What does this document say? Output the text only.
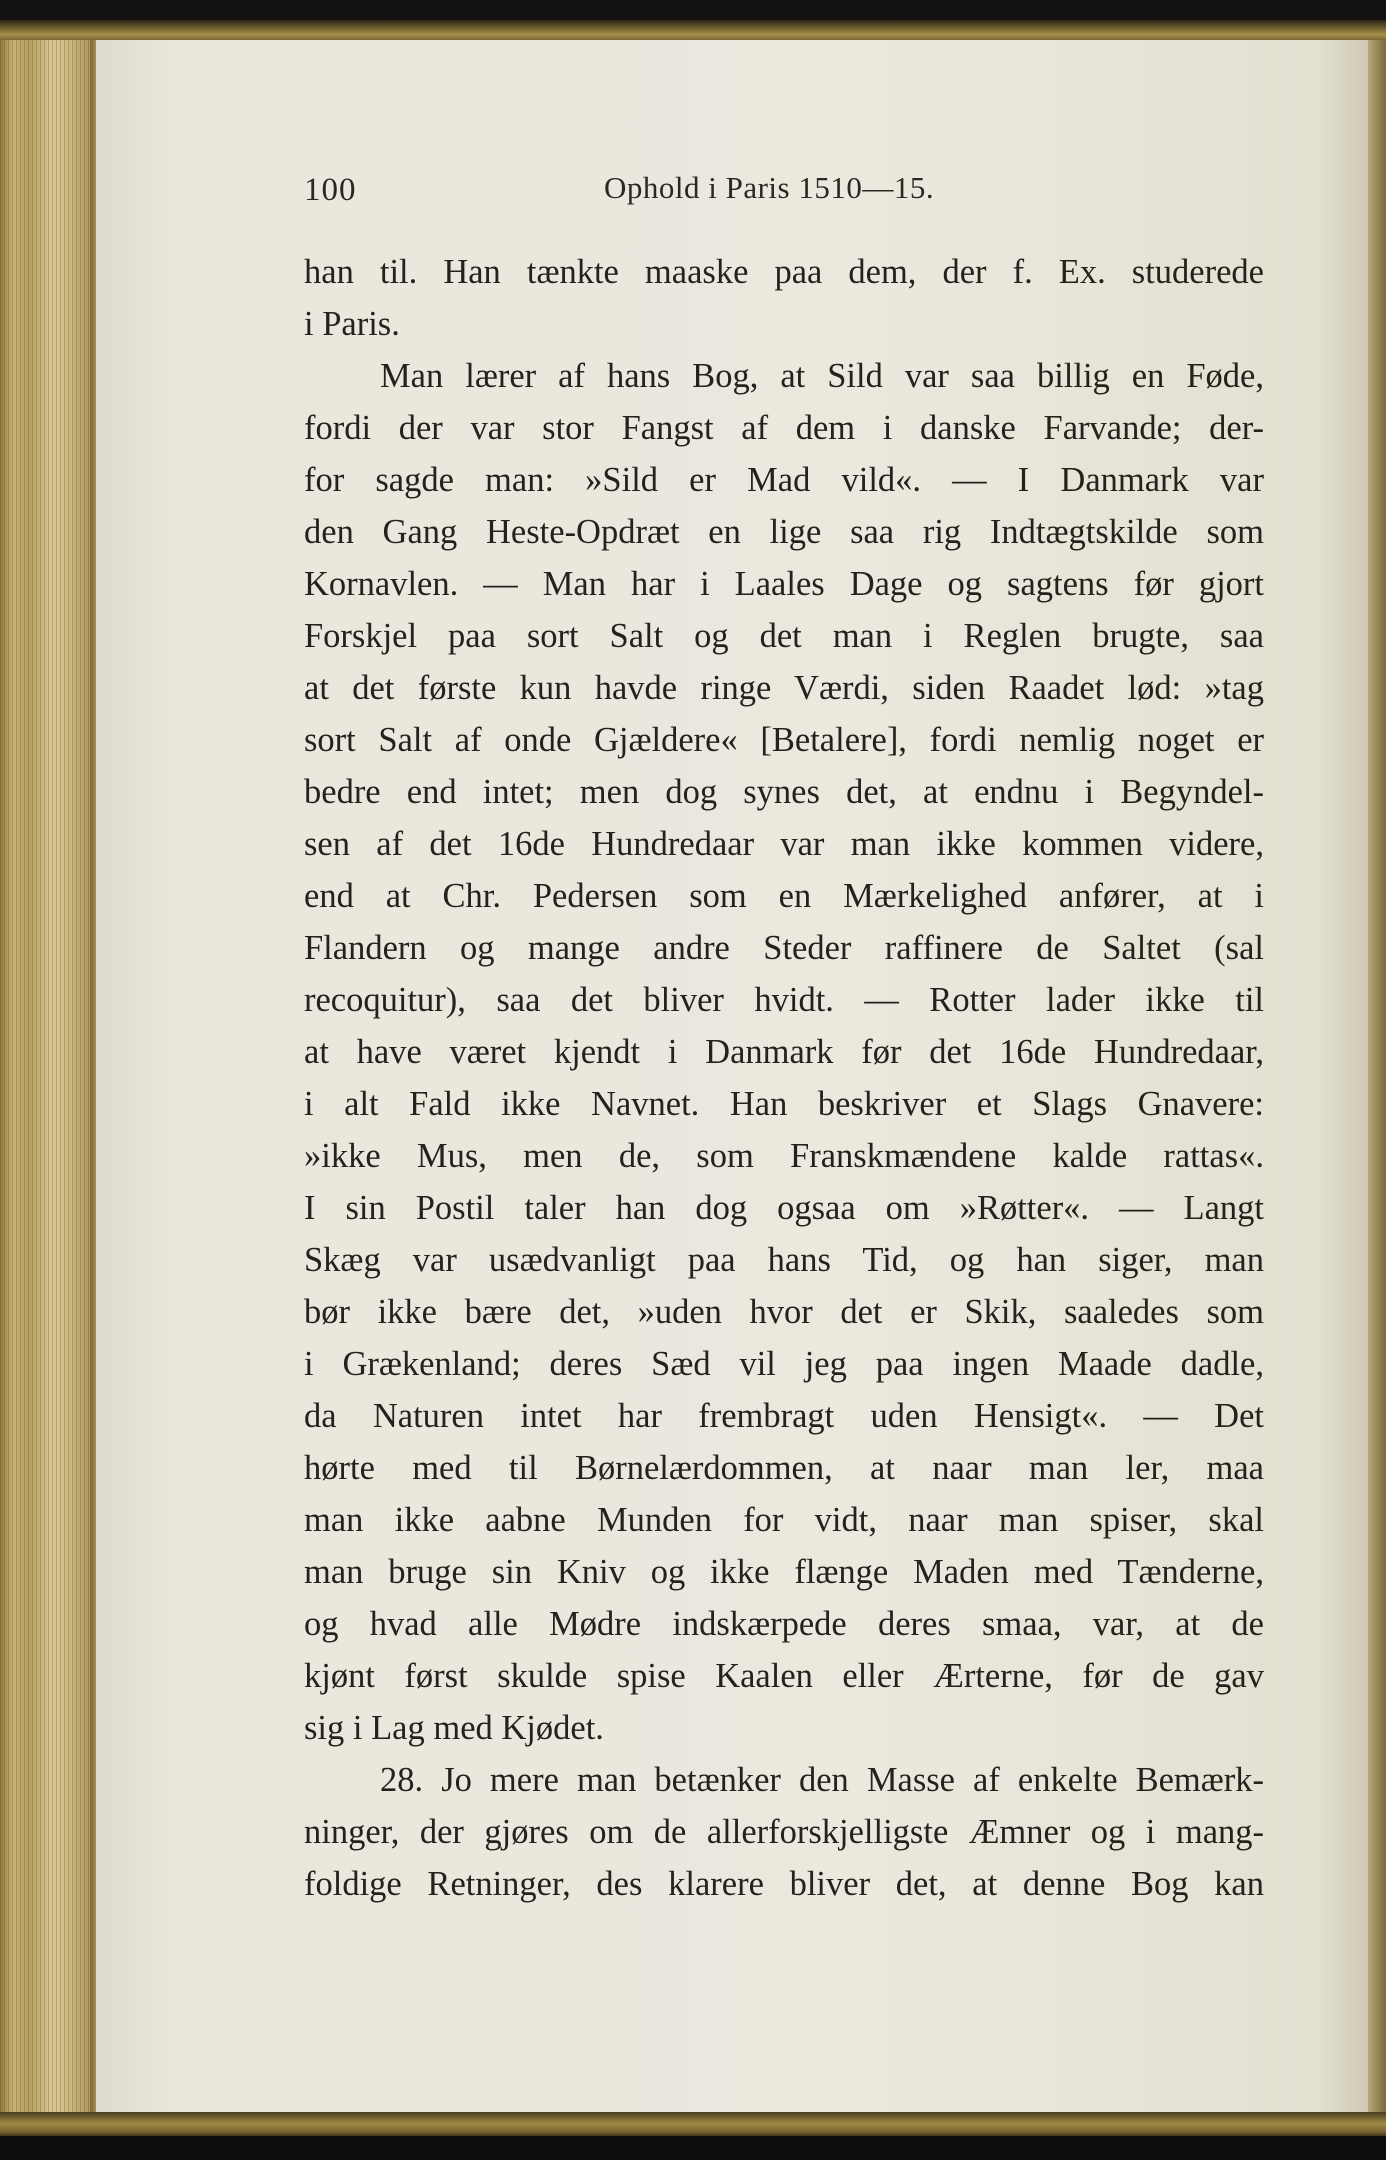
100	Ophold i Paris 1510—15.
han til. Han tænkte maaske paa dem, der f. Ex. studerede
i Paris.
Man lærer af hans Bog, at Sild var saa billig en Føde,
fordi der var stor Fangst af dem i danske Farvande; der-
for sagde man: »Sild er Mad vild«. — I Danmark var
den Gang Heste-Opdræt en lige saa rig Indtægtskilde som
Kornavlen. — Man har i Laales Dage og sagtens før gjort
Forskjel paa sort Salt og det man i Reglen brugte, saa
at det første kun havde ringe Værdi, siden Raadet lød: »tag
sort Salt af onde Gjældere« [Betalere], fordi nemlig noget er
bedre end intet; men dog synes det, at endnu i Begyndel-
sen af det 16de Hundredaar var man ikke kommen videre,
end at Chr. Pedersen som en Mærkelighed anfører, at i
Flandern og mange andre Steder raffinere de Saltet (sal
recoquitur), saa det bliver hvidt. — Rotter lader ikke til
at have været kjendt i Danmark før det 16de Hundredaar,
i alt Fald ikke Navnet. Han beskriver et Slags Gnavere:
»ikke Mus, men de, som Franskmændene kalde rattas«.
I sin Postil taler han dog ogsaa om »Røtter«. — Langt
Skæg var usædvanligt paa hans Tid, og han siger, man
bør ikke bære det, »uden hvor det er Skik, saaledes som
i Grækenland; deres Sæd vil jeg paa ingen Maade dadle,
da Naturen intet har frembragt uden Hensigt«. — Det
hørte med til Børnelærdommen, at naar man ler, maa
man ikke aabne Munden for vidt, naar man spiser, skal
man bruge sin Kniv og ikke flænge Maden med Tænderne,
og hvad alle Mødre indskærpede deres smaa, var, at de
kjønt først skulde spise Kaalen eller Ærterne, før de gav
sig i Lag med Kjødet.
28. Jo mere man betænker den Masse af enkelte Bemærk-
ninger, der gjøres om de allerforskjelligste Æmner og i mang-
foldige Retninger, des klarere bliver det, at denne Bog kan
